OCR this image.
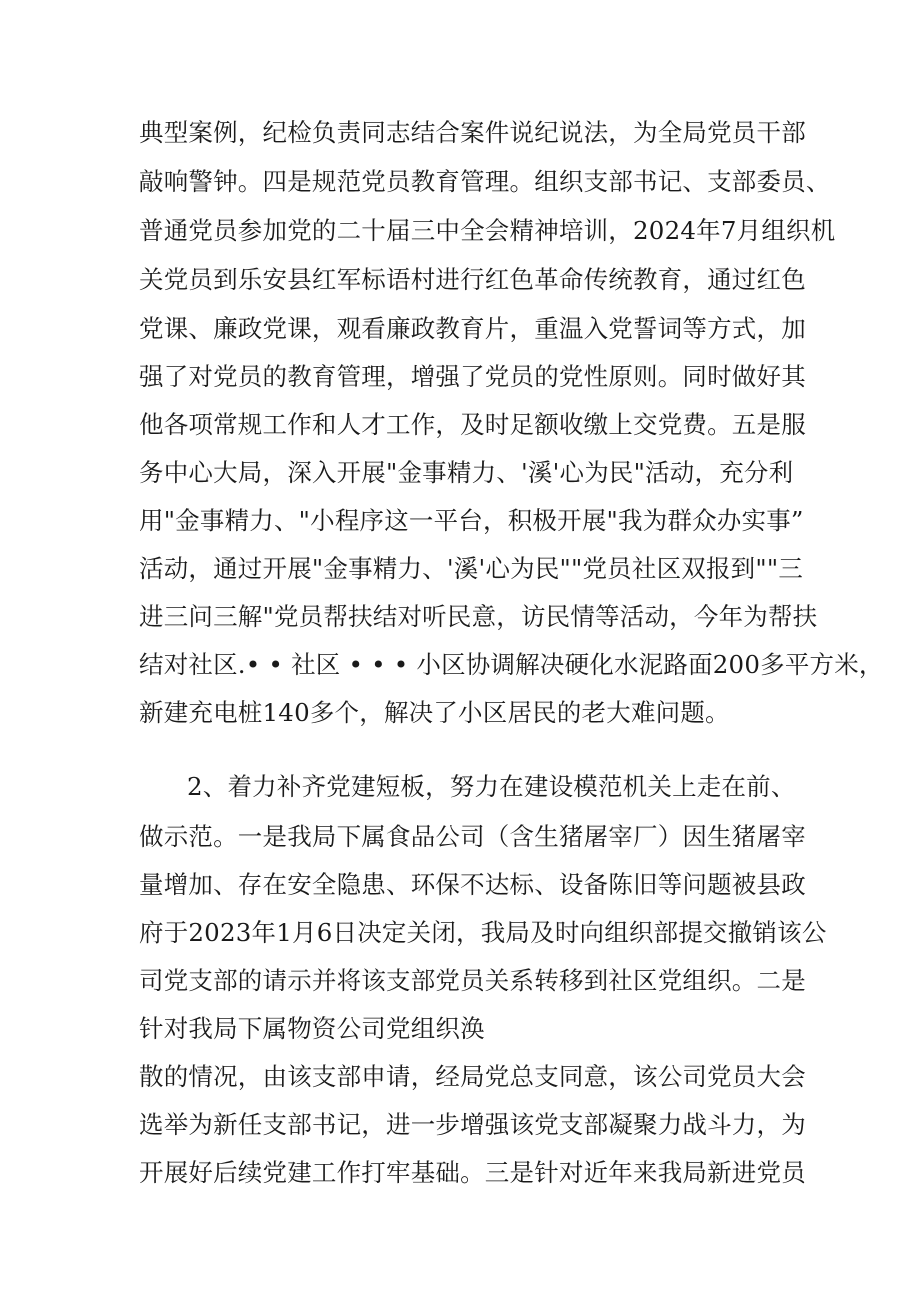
典型案例，纪检负责同志结合案件说纪说法，为全局党员干部
敲响警钟。四是规范党员教育管理。组织支部书记、支部委员、
普通党员参加党的二十届三中全会精神培训，2024年7月组织机
关党员到乐安县红军标语村进行红色革命传统教育，通过红色
党课、廉政党课，观看廉政教育片，重温入党誓词等方式，加
强了对党员的教育管理，增强了党员的党性原则。同时做好其
他各项常规工作和人才工作，及时足额收缴上交党费。五是服
务中心大局，深入开展"金事精力、'溪'心为民"活动，充分利
用"金事精力、"小程序这一平台，积极开展"我为群众办实事”
活动，通过开展"金事精力、'溪'心为民""党员社区双报到""三
进三问三解"党员帮扶结对听民意，访民情等活动，今年为帮扶
结对社区.• • 社区 • • • 小区协调解决硬化水泥路面200多平方米，
新建充电桩140多个，解决了小区居民的老大难问题。
2、着力补齐党建短板，努力在建设模范机关上走在前、
做示范。一是我局下属食品公司（含生猪屠宰厂）因生猪屠宰
量增加、存在安全隐患、环保不达标、设备陈旧等问题被县政
府于2023年1月6日决定关闭，我局及时向组织部提交撤销该公
司党支部的请示并将该支部党员关系转移到社区党组织。二是
针对我局下属物资公司党组织涣
散的情况，由该支部申请，经局党总支同意，该公司党员大会
选举为新任支部书记，进一步增强该党支部凝聚力战斗力，为
开展好后续党建工作打牢基础。三是针对近年来我局新进党员
